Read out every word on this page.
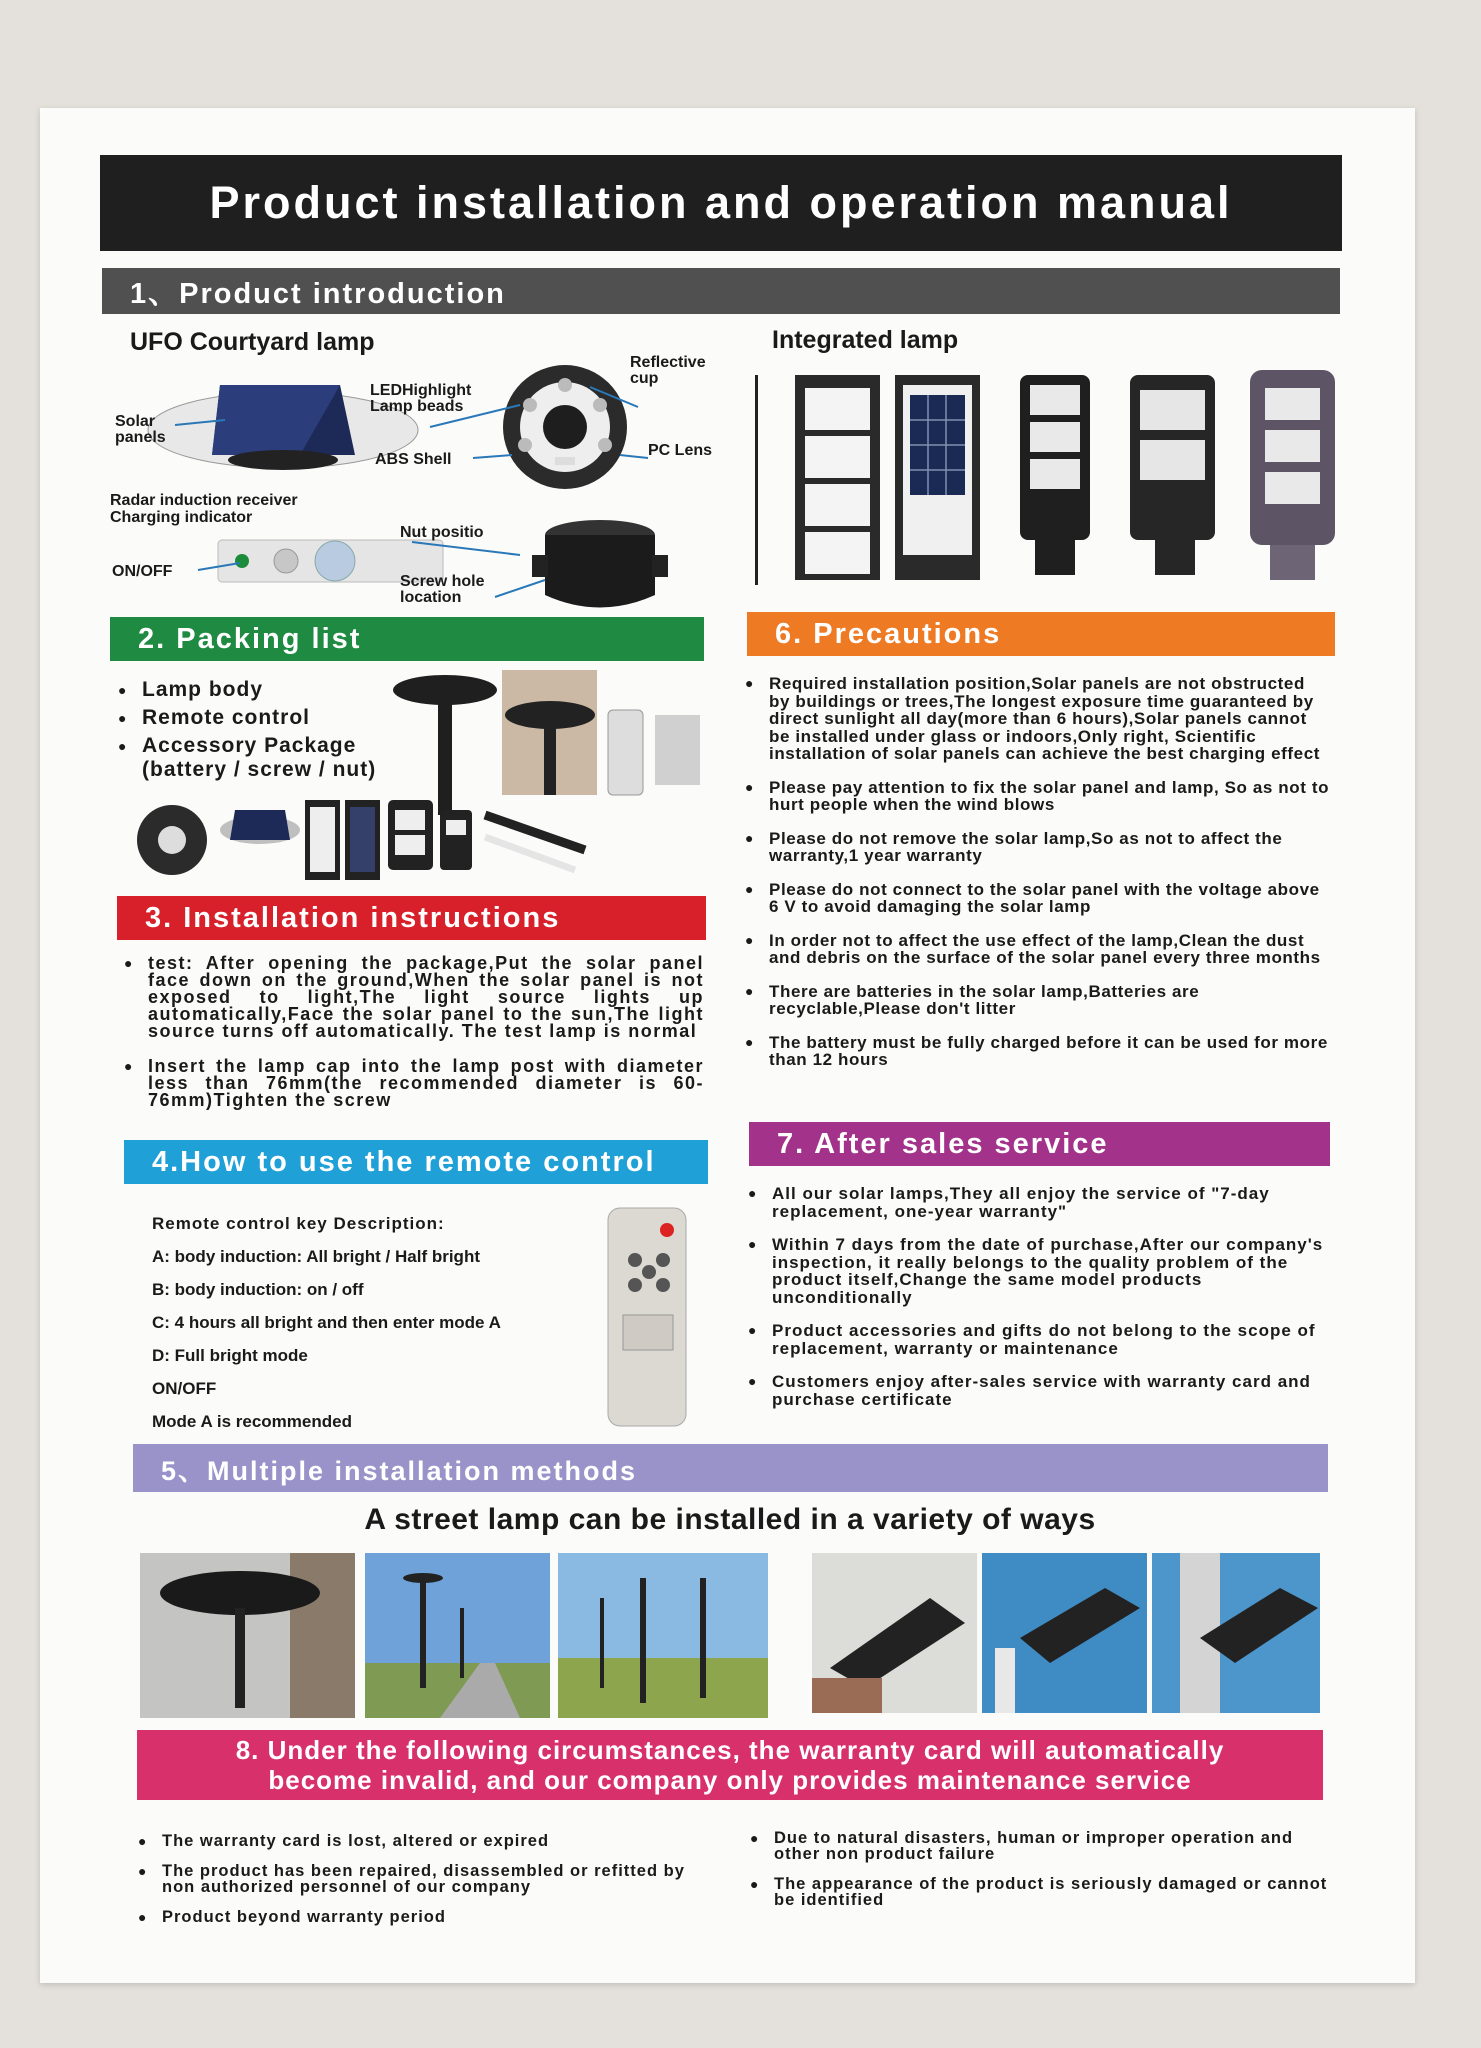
Product installation and operation manual
1、Product introduction
UFO Courtyard lamp	Integrated lamp
Solar panels
LEDHighlight Lamp beads
ABS Shell
Reflective cup
PC Lens
Radar induction receiver
Charging indicator
ON/OFF
Nut positio
Screw hole location
2. Packing list
● Lamp body
● Remote control
● Accessory Package (battery / screw / nut)
3. Installation instructions
● test: After opening the package,Put the solar panel face down on the ground,When the solar panel is not exposed to light,The light source lights up automatically,Face the solar panel to the sun,The light source turns off automatically. The test lamp is normal
● Insert the lamp cap into the lamp post with diameter less than 76mm(the recommended diameter is 60-76mm)Tighten the screw
4.How to use the remote control
Remote control key Description:
A: body induction: All bright / Half bright
B: body induction: on / off
C: 4 hours all bright and then enter mode A
D: Full bright mode
ON/OFF
Mode A is recommended
5、Multiple installation methods
A street lamp can be installed in a variety of ways
6. Precautions
● Required installation position,Solar panels are not obstructed by buildings or trees,The longest exposure time guaranteed by direct sunlight all day(more than 6 hours),Solar panels cannot be installed under glass or indoors,Only right, Scientific installation of solar panels can achieve the best charging effect
● Please pay attention to fix the solar panel and lamp, So as not to hurt people when the wind blows
● Please do not remove the solar lamp,So as not to affect the warranty,1 year warranty
● Please do not connect to the solar panel with the voltage above 6 V to avoid damaging the solar lamp
● In order not to affect the use effect of the lamp,Clean the dust and debris on the surface of the solar panel every three months
● There are batteries in the solar lamp,Batteries are recyclable,Please don't litter
● The battery must be fully charged before it can be used for more than 12 hours
7. After sales service
● All our solar lamps,They all enjoy the service of "7-day replacement, one-year warranty"
● Within 7 days from the date of purchase,After our company's inspection, it really belongs to the quality problem of the product itself,Change the same model products unconditionally
● Product accessories and gifts do not belong to the scope of replacement, warranty or maintenance
● Customers enjoy after-sales service with warranty card and purchase certificate
8. Under the following circumstances, the warranty card will automatically
become invalid, and our company only provides maintenance service
● The warranty card is lost, altered or expired
● The product has been repaired, disassembled or refitted by non authorized personnel of our company
● Product beyond warranty period
● Due to natural disasters, human or improper operation and other non product failure
● The appearance of the product is seriously damaged or cannot be identified
